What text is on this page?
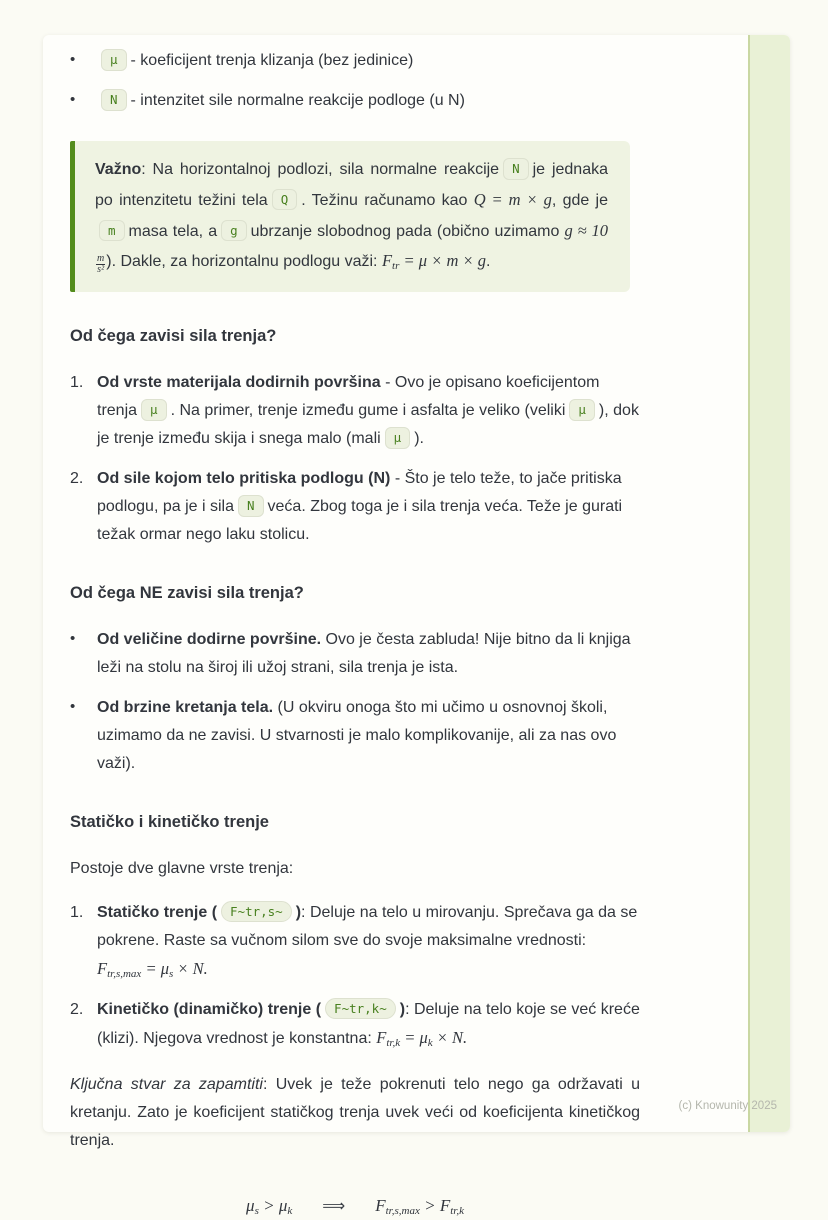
•	μ - koeficijent trenja klizanja (bez jedinice)
•	N - intenzitet sile normalne reakcije podloge (u N)
Važno: Na horizontalnoj podlozi, sila normalne reakcije N je jednaka po intenzitetu težini tela Q . Težinu računamo kao Q = m × g, gde jem masa tela, a g ubrzanje slobodnog pada (obično uzimamo g ≈ 10
$\frac{m}{\text{s²}}$ ). Dakle, za horizontalnu podlogu važi: $F_{tr} = \mu \times m \times g$.
Od čega zavisi sila trenja?
1. Od vrste materijala dodirnih površina - Ovo je opisano koeficijentom trenja μ . Na primer, trenje između gume i asfalta je veliko (veliki μ ), dok je trenje između skija i snega malo (mali μ ).
2. Od sile kojom telo pritiska podlogu (N) - Što je telo teže, to jače pritiska podlogu, pa je i sila N veća. Zbog toga je i sila trenja veća. Teže je gurati težak ormar nego laku stolicu.
Od čega NE zavisi sila trenja?
•	Od veličine dodirne površine. Ovo je česta zabluda! Nije bitno da li knjiga leži na stolu na široj ili užoj strani, sila trenja je ista.
•	Od brzine kretanja tela. (U okviru onoga što mi učimo u osnovnoj školi, uzimamo da ne zavisi. U stvarnosti je malo komplikovanije, ali za nas ovo važi).
Statičko i kinetičko trenje

Postoje dve glavne vrste trenja:

1. Statičko trenje ( F~tr,s~ ): Deluje na telo u mirovanju. Sprečava ga da se pokrene. Raste sa vučnom silom sve do svoje maksimalne vrednosti:
$F_{tr,s,max} = \mu_s \times N$.
2. Kinetičko (dinamičko) trenje ( F~tr,k~ ): Deluje na telo koje se već kreće (klizi). Njegova vrednost je konstantna: $F_{tr,k} = \mu_k \times N$.

Ključna stvar za zapamtiti: Uvek je teže pokrenuti telo nego ga održavati u kretanju. Zato je koeficijent statičkog trenja uvek veći od koeficijenta kinetičkog trenja.

$\mu_s > \mu_k$ ⟹ $F_{tr,s,max} > F_{tr,k}$
(c) Knowunity 2025
